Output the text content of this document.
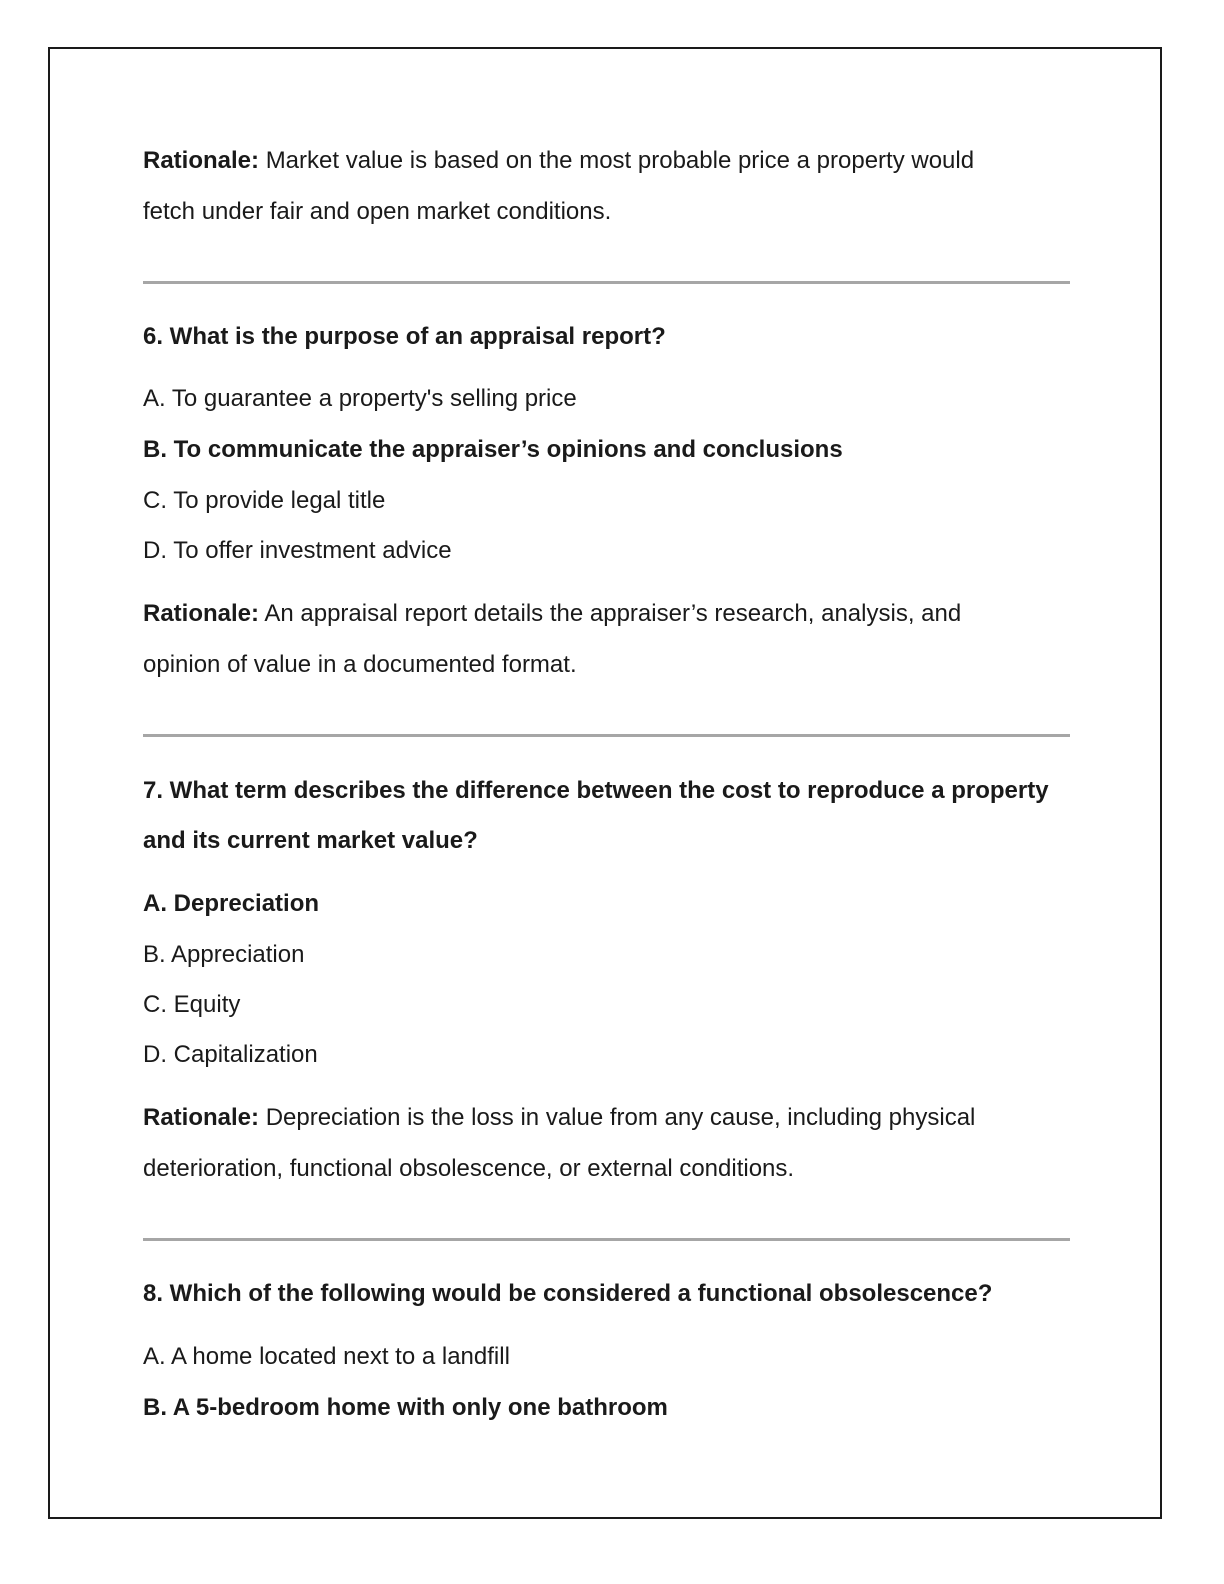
Rationale: Market value is based on the most probable price a property would
fetch under fair and open market conditions.
6. What is the purpose of an appraisal report?
A. To guarantee a property's selling price
B. To communicate the appraiser’s opinions and conclusions
C. To provide legal title
D. To offer investment advice
Rationale: An appraisal report details the appraiser’s research, analysis, and
opinion of value in a documented format.
7. What term describes the difference between the cost to reproduce a property
and its current market value?
A. Depreciation
B. Appreciation
C. Equity
D. Capitalization
Rationale: Depreciation is the loss in value from any cause, including physical
deterioration, functional obsolescence, or external conditions.
8. Which of the following would be considered a functional obsolescence?
A. A home located next to a landfill
B. A 5-bedroom home with only one bathroom
